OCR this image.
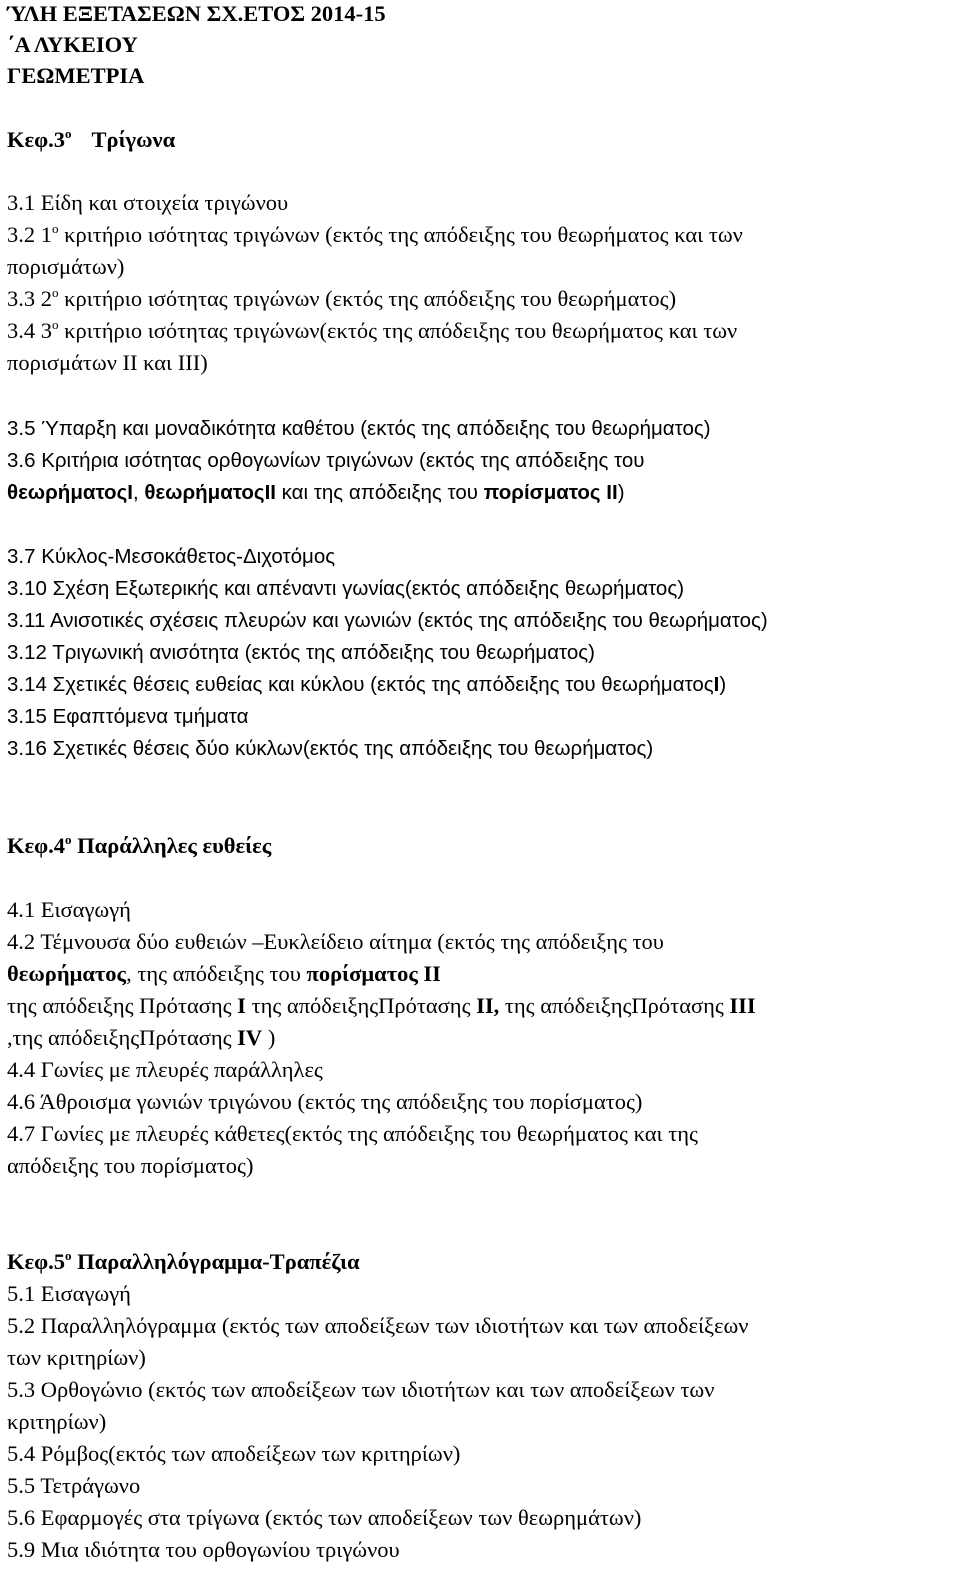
ΎΛΗ ΕΞΕΤΑΣΕΩΝ ΣΧ.ΕΤΟΣ 2014-15
΄Α ΛΥΚΕΙΟΥ
ΓΕΩΜΕΤΡΙΑ
$K\varepsilon\varphi.3^o$ Τρίγωνα
3.1 Είδη και στοιχεία τριγώνου
3.2 $1^o$ κριτήριο ισότητας τριγώνων (εκτός της απόδειξης του θεωρήματος και των
πορισμάτων)
3.3 $2^o$ κριτήριο ισότητας τριγώνων (εκτός της απόδειξης του θεωρήματος)
3.4 $3^o$ κριτήριο ισότητας τριγώνων(εκτός της απόδειξης του θεωρήματος και των
πορισμάτων ΙΙ και ΙΙΙ)
3.5 Ύπαρξη και μοναδικότητα καθέτου (εκτός της απόδειξης του θεωρήματος)
3.6 Κριτήρια ισότητας ορθογωνίων τριγώνων (εκτός της απόδειξης του
θεωρήματοςΙ, θεωρήματοςΙΙ και της απόδειξης του πορίσματος ΙΙ)
3.7 Κύκλος-Μεσοκάθετος-Διχοτόμος
3.10 Σχέση Εξωτερικής και απέναντι γωνίας(εκτός απόδειξης θεωρήματος)
3.11 Ανισοτικές σχέσεις πλευρών και γωνιών (εκτός της απόδειξης του θεωρήματος)
3.12 Τριγωνική ανισότητα (εκτός της απόδειξης του θεωρήματος)
3.14 Σχετικές θέσεις ευθείας και κύκλου (εκτός της απόδειξης του θεωρήματοςΙ)
3.15 Εφαπτόμενα τμήματα
3.16 Σχετικές θέσεις δύο κύκλων(εκτός της απόδειξης του θεωρήματος)
$K\varepsilon\varphi.4^o$ Παράλληλες ευθείες
4.1 Εισαγωγή
4.2 Τέμνουσα δύο ευθειών –Ευκλείδειο αίτημα (εκτός της απόδειξης του
θεωρήματος, της απόδειξης του πορίσματος ΙΙ
της απόδειξης Πρότασης Ι της απόδειξηςΠρότασης ΙΙ, της απόδειξηςΠρότασης ΙΙΙ
,της απόδειξηςΠρότασης ΙV )
4.4 Γωνίες με πλευρές παράλληλες
4.6 Άθροισμα γωνιών τριγώνου (εκτός της απόδειξης του πορίσματος)
4.7 Γωνίες με πλευρές κάθετες(εκτός της απόδειξης του θεωρήματος και της
απόδειξης του πορίσματος)
$K\varepsilon\varphi.5^o$ Παραλληλόγραμμα-Τραπέζια
5.1 Εισαγωγή
5.2 Παραλληλόγραμμα (εκτός των αποδείξεων των ιδιοτήτων και των αποδείξεων
των κριτηρίων)
5.3 Ορθογώνιο (εκτός των αποδείξεων των ιδιοτήτων και των αποδείξεων των
κριτηρίων)
5.4 Ρόμβος(εκτός των αποδείξεων των κριτηρίων)
5.5 Τετράγωνο
5.6 Εφαρμογές στα τρίγωνα (εκτός των αποδείξεων των θεωρημάτων)
5.9 Μια ιδιότητα του ορθογωνίου τριγώνου
